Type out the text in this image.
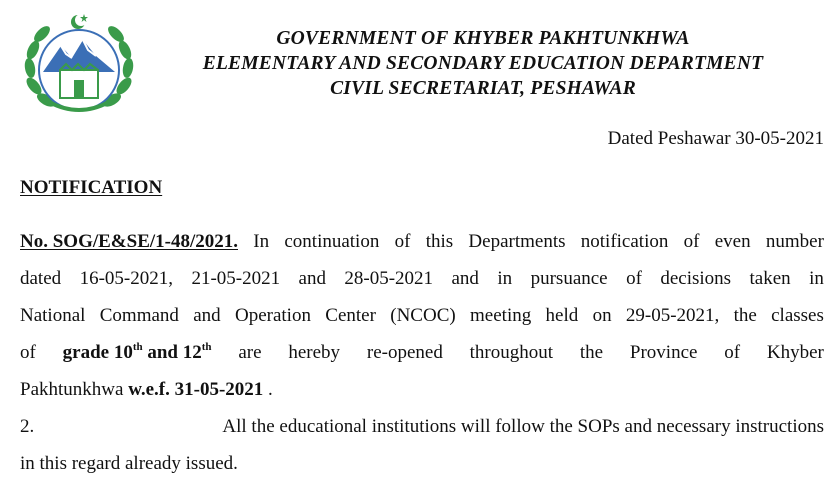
GOVERNMENT OF KHYBER PAKHTUNKHWA
ELEMENTARY AND SECONDARY EDUCATION DEPARTMENT
CIVIL SECRETARIAT, PESHAWAR
Dated Peshawar 30-05-2021
NOTIFICATION
No. SOG/E&SE/1-48/2021. In continuation of this Departments notification of even number
dated 16-05-2021, 21-05-2021 and 28-05-2021 and in pursuance of decisions taken in
National Command and Operation Center (NCOC) meeting held on 29-05-2021, the classes
of grade 10th and 12th are hereby re-opened throughout the Province of Khyber
Pakhtunkhwa
w.e.f. 31-05-2021
.
2.	All the educational institutions will follow the SOPs and necessary instructions
in this regard already issued.
